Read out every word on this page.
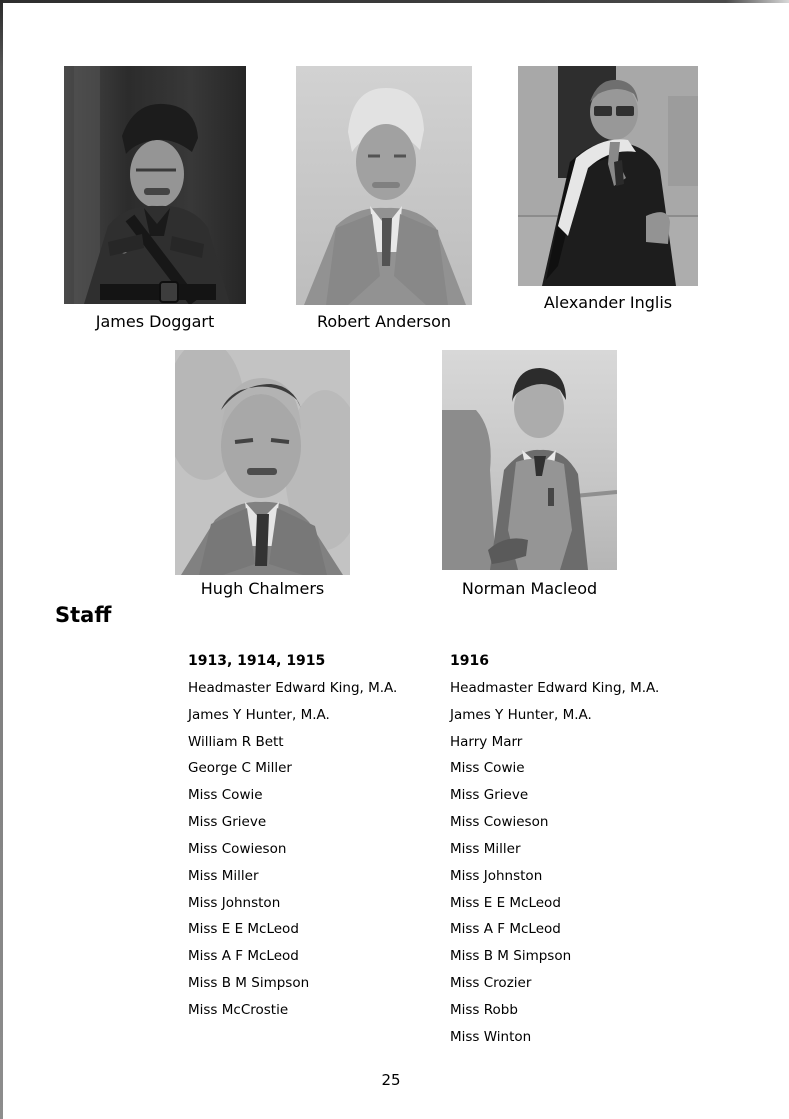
James Doggart	Robert Anderson
Alexander Inglis
Hugh Chalmers	Norman Macleod
Staff
1913, 1914, 1915
Headmaster Edward King, M.A.
James Y Hunter, M.A.
William R Bett
George C Miller
Miss Cowie
Miss Grieve
Miss Cowieson
Miss Miller
Miss Johnston
Miss E E McLeod
Miss A F McLeod
Miss B M Simpson
Miss McCrostie
1916
Headmaster Edward King, M.A.
James Y Hunter, M.A.
Harry Marr
Miss Cowie
Miss Grieve
Miss Cowieson
Miss Miller
Miss Johnston
Miss E E McLeod
Miss A F McLeod
Miss B M Simpson
Miss Crozier
Miss Robb
Miss Winton
25
